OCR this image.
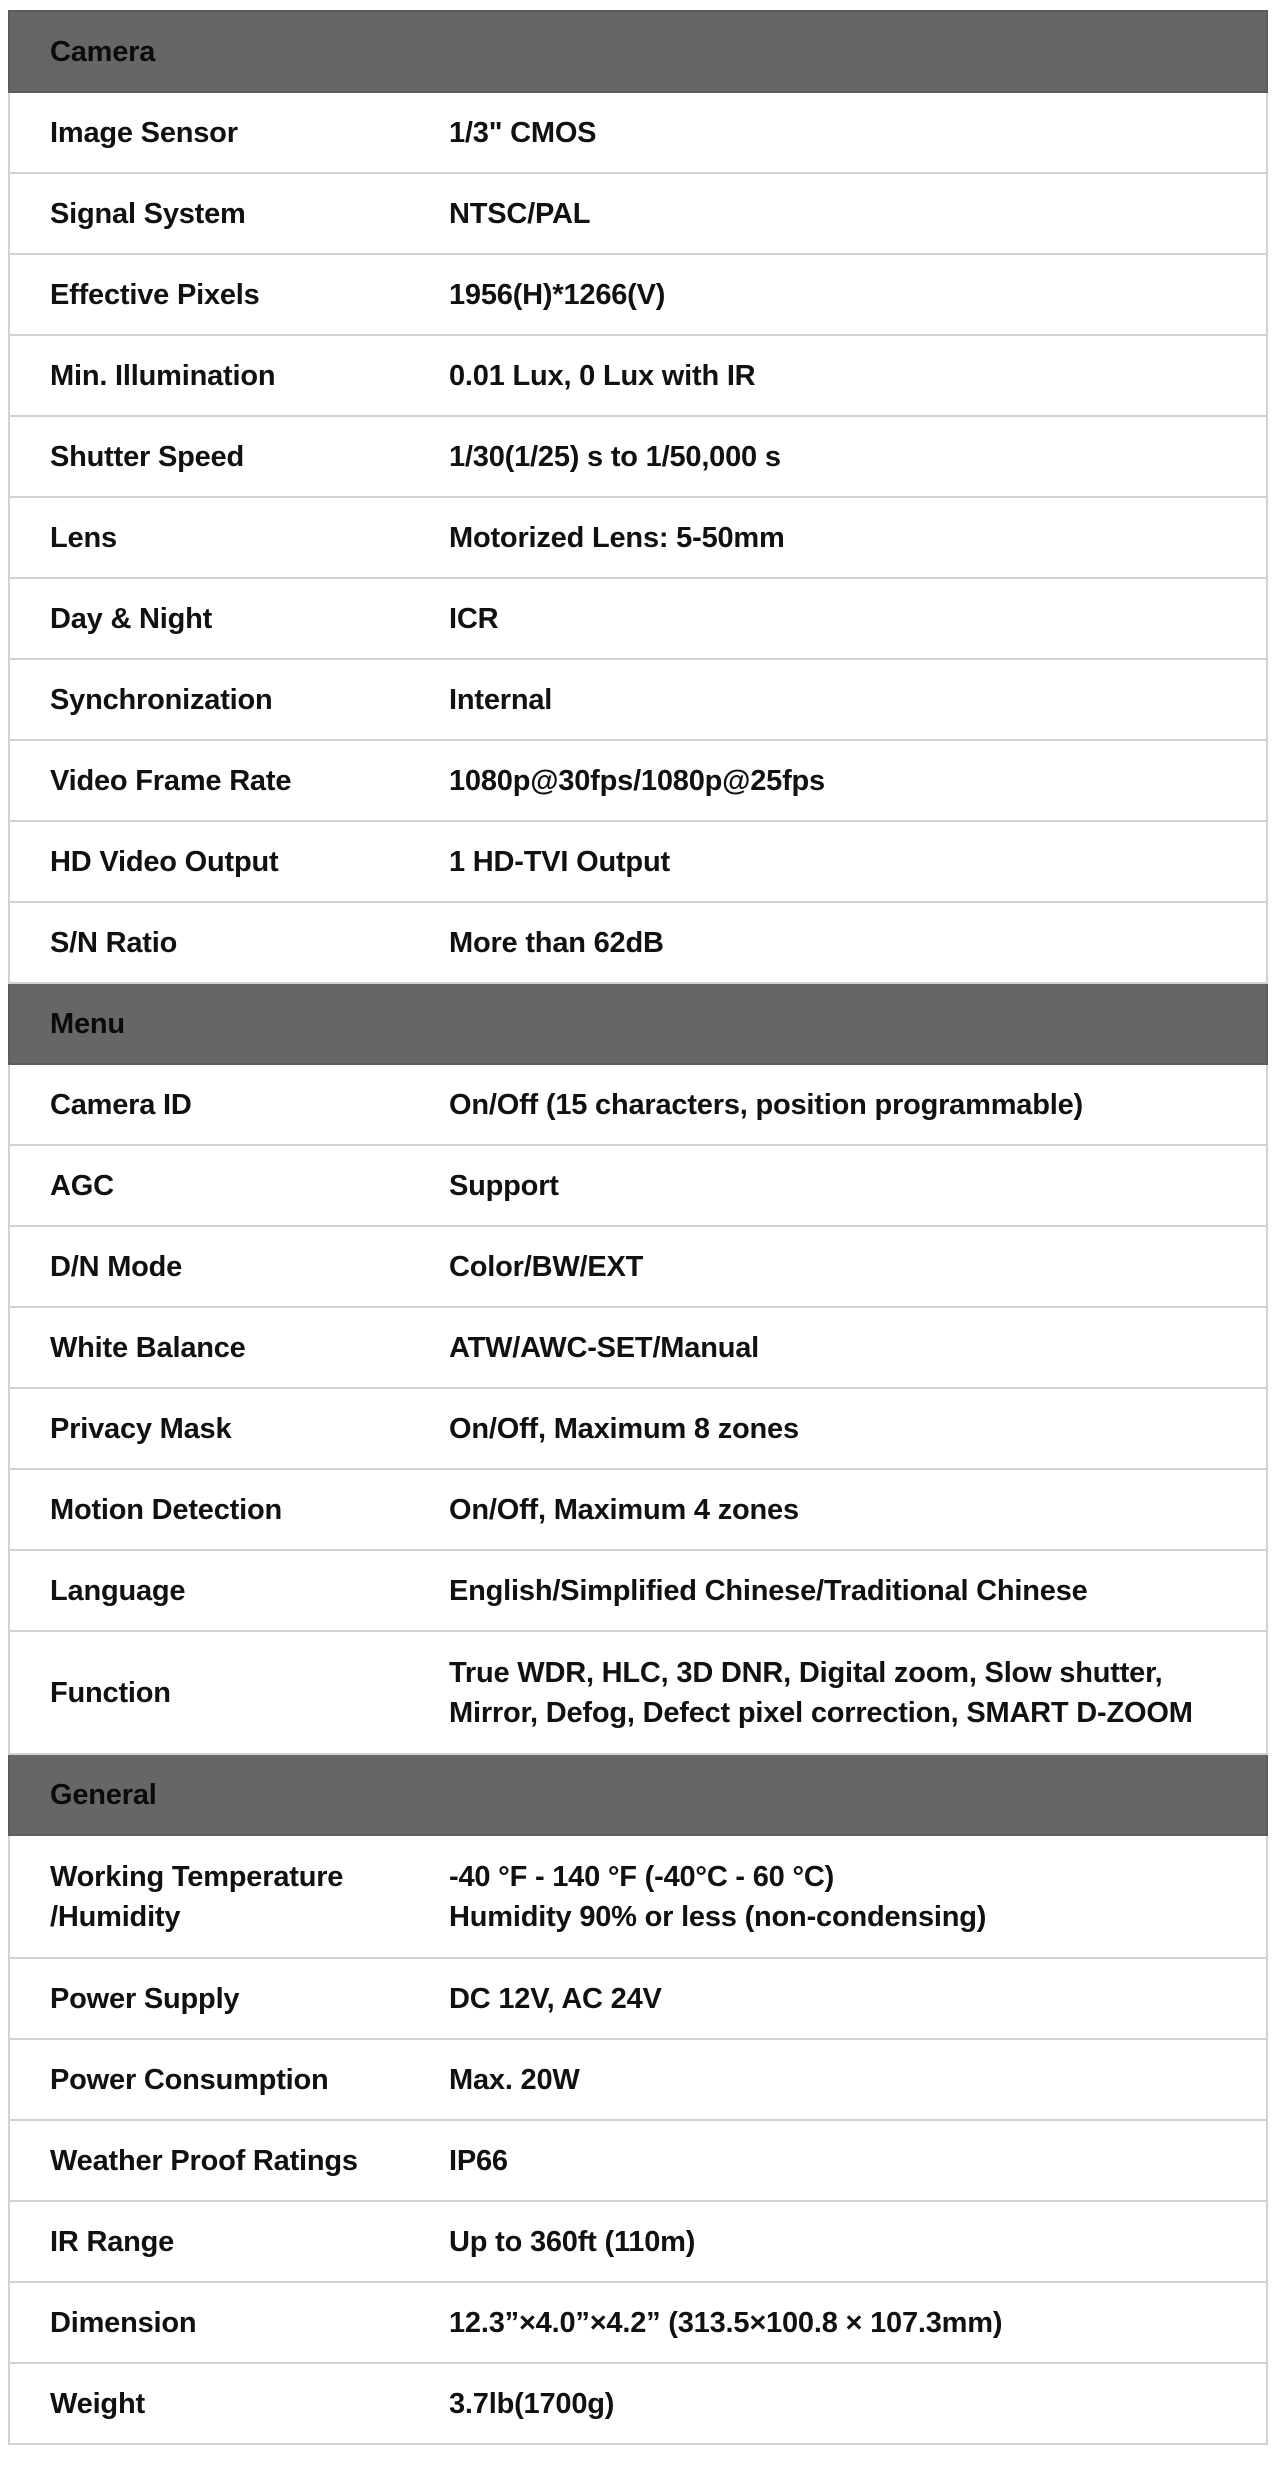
Camera	

Image Sensor	1/3" CMOS

Signal System	NTSC/PAL

Effective Pixels	1956(H)*1266(V)

Min. Illumination	0.01 Lux, 0 Lux with IR

Shutter Speed	1/30(1/25) s to 1/50,000 s

Lens	Motorized Lens: 5-50mm

Day & Night	ICR

Synchronization	Internal

Video Frame Rate	1080p@30fps/1080p@25fps

HD Video Output	1 HD-TVI Output

S/N Ratio	More than 62dB

Menu	

Camera ID	On/Off (15 characters, position programmable)

AGC	Support

D/N Mode	Color/BW/EXT

White Balance	ATW/AWC-SET/Manual

Privacy Mask	On/Off, Maximum 8 zones

Motion Detection	On/Off, Maximum 4 zones

Language	English/Simplified Chinese/Traditional Chinese

Function	True WDR, HLC, 3D DNR, Digital zoom, Slow shutter,
Mirror, Defog, Defect pixel correction, SMART D-ZOOM

General	

Working Temperature
/Humidity	-40 °F - 140 °F (-40°C - 60 °C)
Humidity 90% or less (non-condensing)

Power Supply	DC 12V, AC 24V

Power Consumption	Max. 20W

Weather Proof Ratings	IP66

IR Range	Up to 360ft (110m)

Dimension	12.3”×4.0”×4.2” (313.5×100.8 × 107.3mm)

Weight	3.7lb(1700g)
